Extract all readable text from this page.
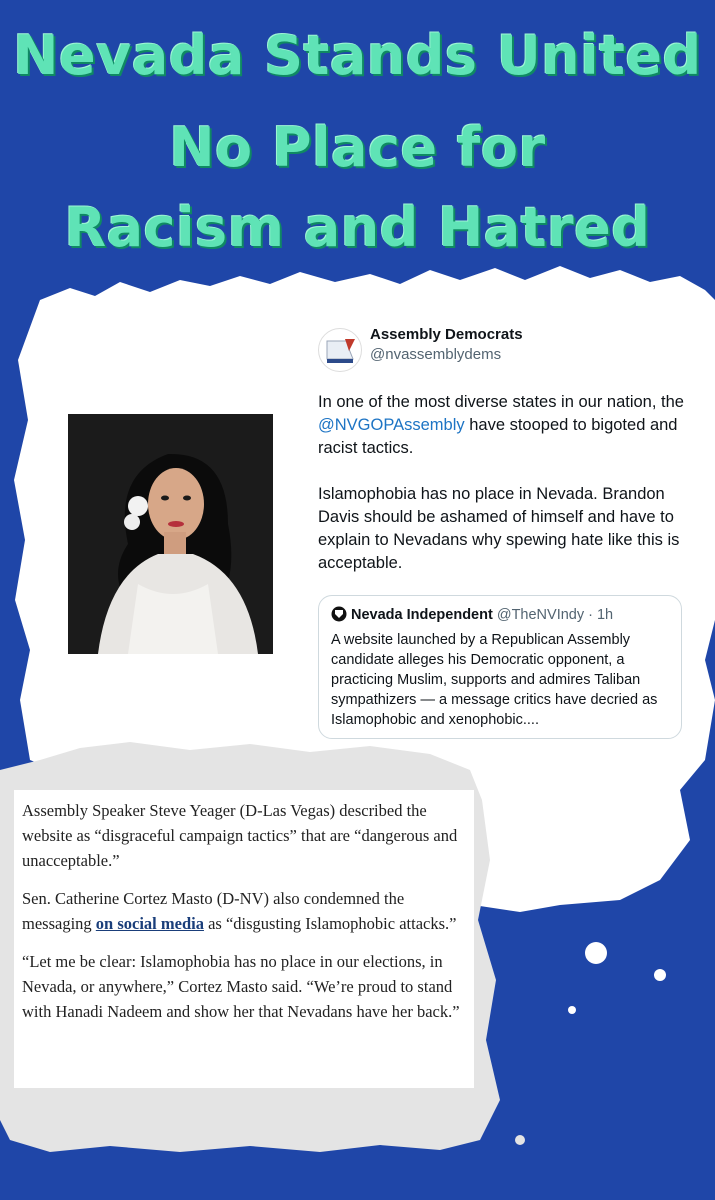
Nevada Stands United
No Place for
Racism and Hatred
Assembly Democrats
@nvassemblydems

In one of the most diverse states in our nation, the @NVGOPAssembly have stooped to bigoted and racist tactics.

Islamophobia has no place in Nevada. Brandon Davis should be ashamed of himself and have to explain to Nevadans why spewing hate like this is acceptable.

Nevada Independent @TheNVIndy · 1h
A website launched by a Republican Assembly candidate alleges his Democratic opponent, a practicing Muslim, supports and admires Taliban sympathizers — a message critics have decried as Islamophobic and xenophobic....

Assembly Speaker Steve Yeager (D-Las Vegas) described the website as “disgraceful campaign tactics” that are “dangerous and unacceptable.”

Sen. Catherine Cortez Masto (D-NV) also condemned the messaging on social media as “disgusting Islamophobic attacks.”

“Let me be clear: Islamophobia has no place in our elections, in Nevada, or anywhere,” Cortez Masto said. “We’re proud to stand with Hanadi Nadeem and show her that Nevadans have her back.”
